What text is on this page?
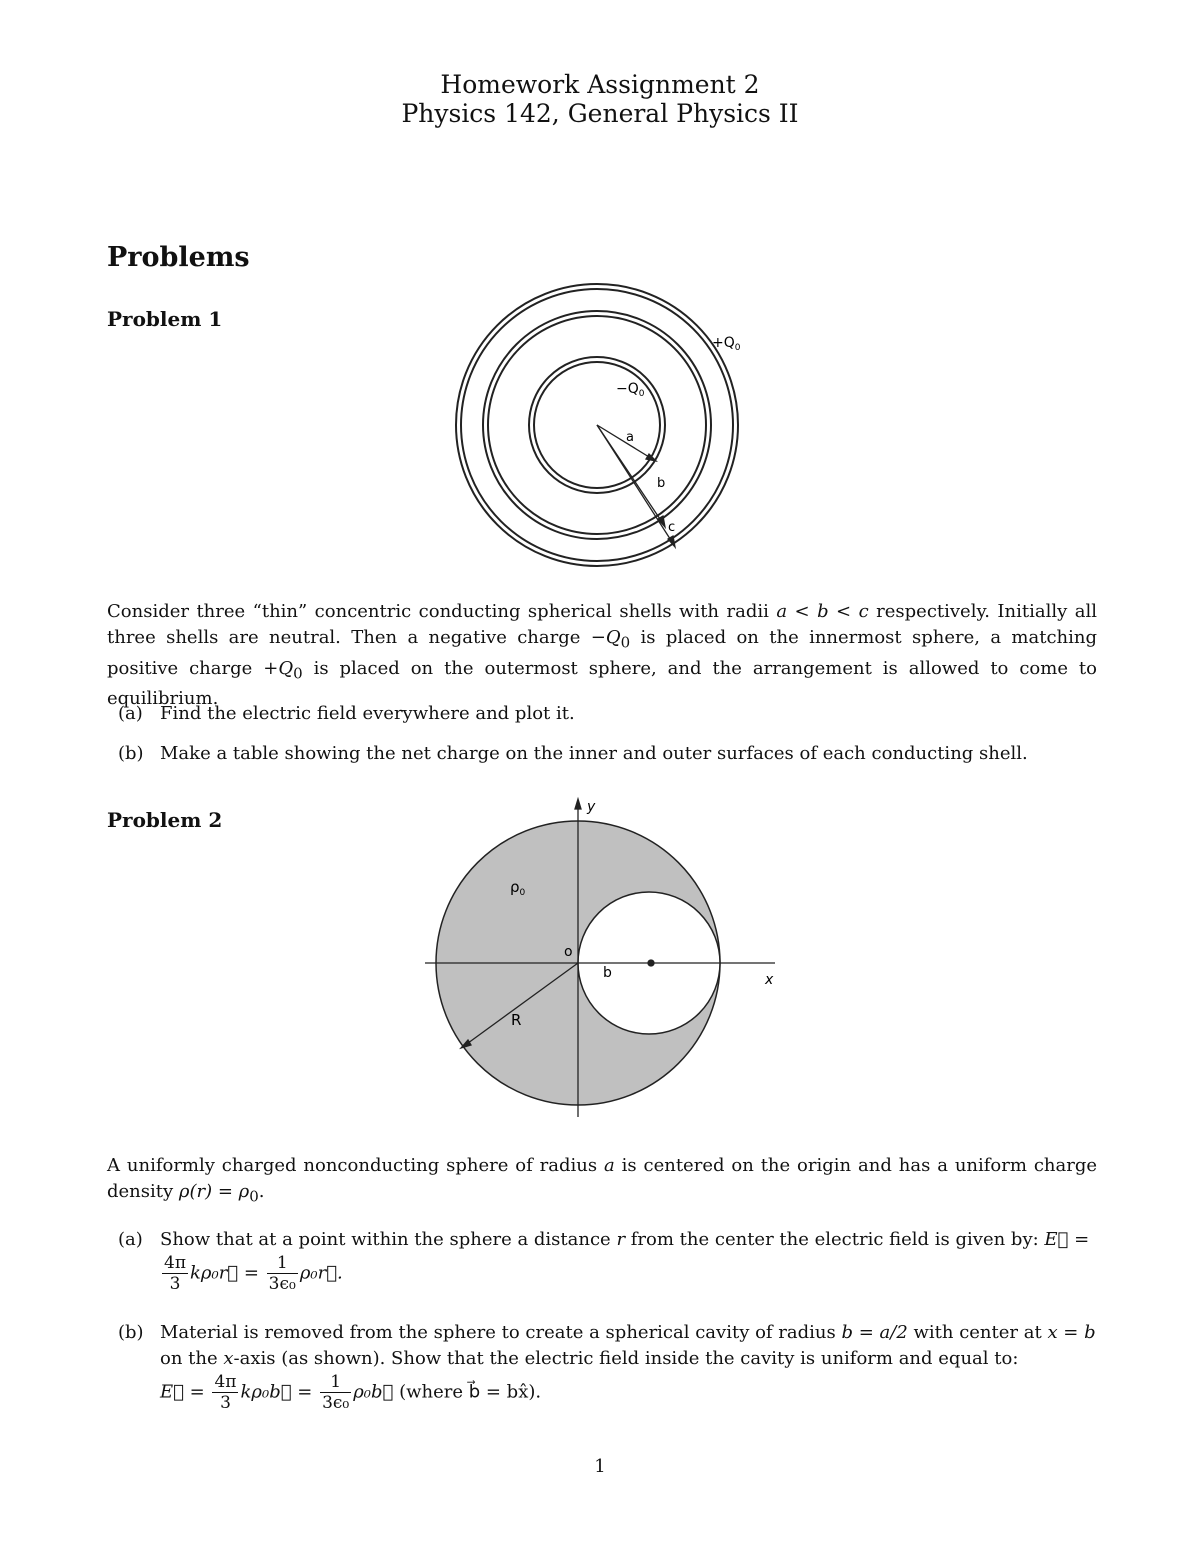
Homework Assignment 2
Physics 142, General Physics II
Problems
Problem 1
$+Q_0$
$-Q_0$
a
b
c
Consider three “thin” concentric conducting spherical shells with radii a < b < c respectively. Initially all three shells are neutral. Then a negative charge $-Q_0$ is placed on the innermost sphere, a matching positive charge $+Q_0$ is placed on the outermost sphere, and the arrangement is allowed to come to equilibrium.
(a) Find the electric field everywhere and plot it.
(b) Make a table showing the net charge on the inner and outer surfaces of each conducting shell.
Problem 2
y
x
$\rho_0$
o
b
R
A uniformly charged nonconducting sphere of radius a is centered on the origin and has a uniform charge density $\rho(r) = \rho_0$.
(a) Show that at a point within the sphere a distance r from the center the electric field is given by: E⃗ =

$\frac{4\pi}{3}$ kρ₀r⃗ = $\frac{1}{\text{3ϵ₀}}$ ρ₀r⃗.
(b) Material is removed from the sphere to create a spherical cavity of radius b = a/2 with center at x = b on the x-axis (as shown). Show that the electric field inside the cavity is uniform and equal to:
E⃗ = $\frac{4\pi}{3}$ kρ₀b⃗ = $\frac{1}{\text{3ϵ₀}}$ ρ₀b⃗ (where b⃗ = bx̂).
1
